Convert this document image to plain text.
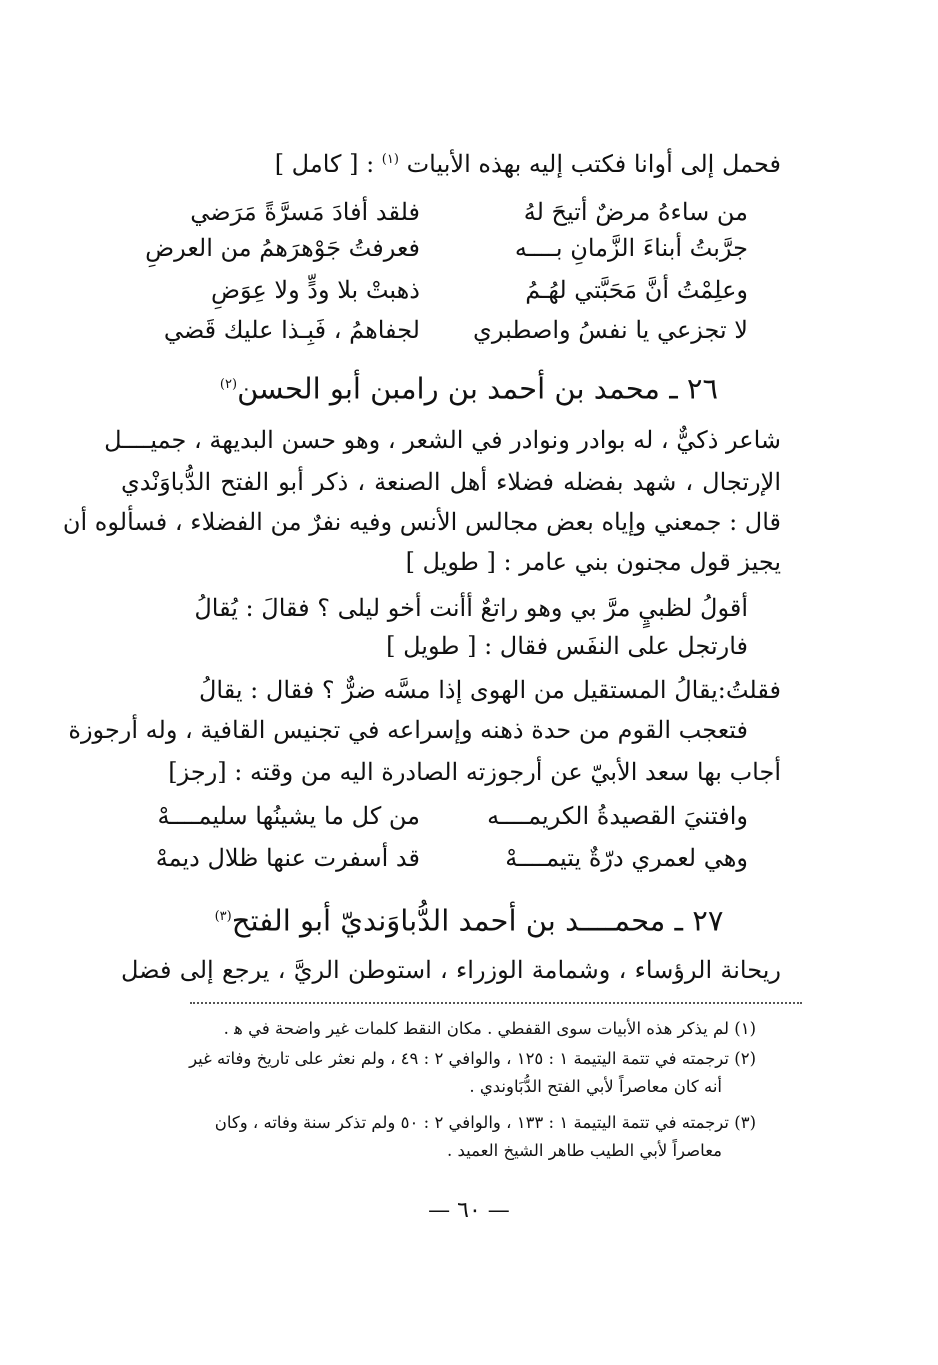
فحمل إلى أوانا فكتب إليه بهذه الأبيات $^{(١)}$ : [ كامل ]
من ساءهُ مرضٌ أتيحَ لهُ
فلقد أفادَ مَسرَّةً مَرَضي
جرَّبتُ أبناءَ الزَّمانِ بــــه
فعرفتُ جَوْهرَهمُ من العرضِ
وعلِمْتُ أنَّ مَحَبَّتي لهُـمُ
ذهبتْ بلا ودٍّ ولا عِوَضِ
لا تجزعي يا نفسُ واصطبري
لجفاهمُ ، فَبِـذا عليك قَضي
٢٦ ـ محمد بن أحمد بن رامبن أبو الحسن$^{(٢)}$
شاعر ذكيٌّ ، له بوادر ونوادر في الشعر ، وهو حسن البديهة ، جميــــل
الإرتجال ، شهد بفضله فضلاء أهل الصنعة ، ذكر أبو الفتح الدُّباوَنْدي
قال : جمعني وإياه بعض مجالس الأنس وفيه نفرٌ من الفضلاء ، فسألوه أن
يجيز قول مجنون بني عامر : [ طويل ]
أقولُ لظبيٍ مرَّ بي وهو راتعٌ أأنت أخو ليلى ؟ فقالَ : يُقالُ
فارتجل على النفَس فقال : [ طويل ]
فقلتُ:يقالُ المستقيل من الهوى إذا مسَّه ضرٌّ ؟ فقال : يقالُ
فتعجب القوم من حدة ذهنه وإسراعه في تجنيس القافية ، وله أرجوزة
أجاب بها سعد الأبيّ عن أرجوزته الصادرة اليه من وقته : [رجز]
وافتنيَ القصيدةُ الكريمــــه
من كل ما يشينُها سليمــــهْ
وهي لعمري درّةٌ يتيمــــهْ
قد أسفرت عنها ظلال ديمهْ
٢٧ ـ محمــــد بن أحمد الدُّباوَنديّ أبو الفتح$^{(٣)}$
ريحانة الرؤساء ، وشمامة الوزراء ، استوطن الريَّ ، يرجع إلى فضل
(١) لم يذكر هذه الأبيات سوى القفطي . مكان النقط كلمات غير واضحة في ﻫ .
(٢) ترجمته في تتمة اليتيمة ١ : ١٢٥ ، والوافي ٢ : ٤٩ ، ولم نعثر على تاريخ وفاته غير
أنه كان معاصراً لأبي الفتح الدُّبَاوندي .
(٣) ترجمته في تتمة اليتيمة ١ : ١٣٣ ، والوافي ٢ : ٥٠ ولم تذكر سنة وفاته ، وكان
معاصراً لأبي الطيب طاهر الشيخ العميد .
— ٦٠ —
